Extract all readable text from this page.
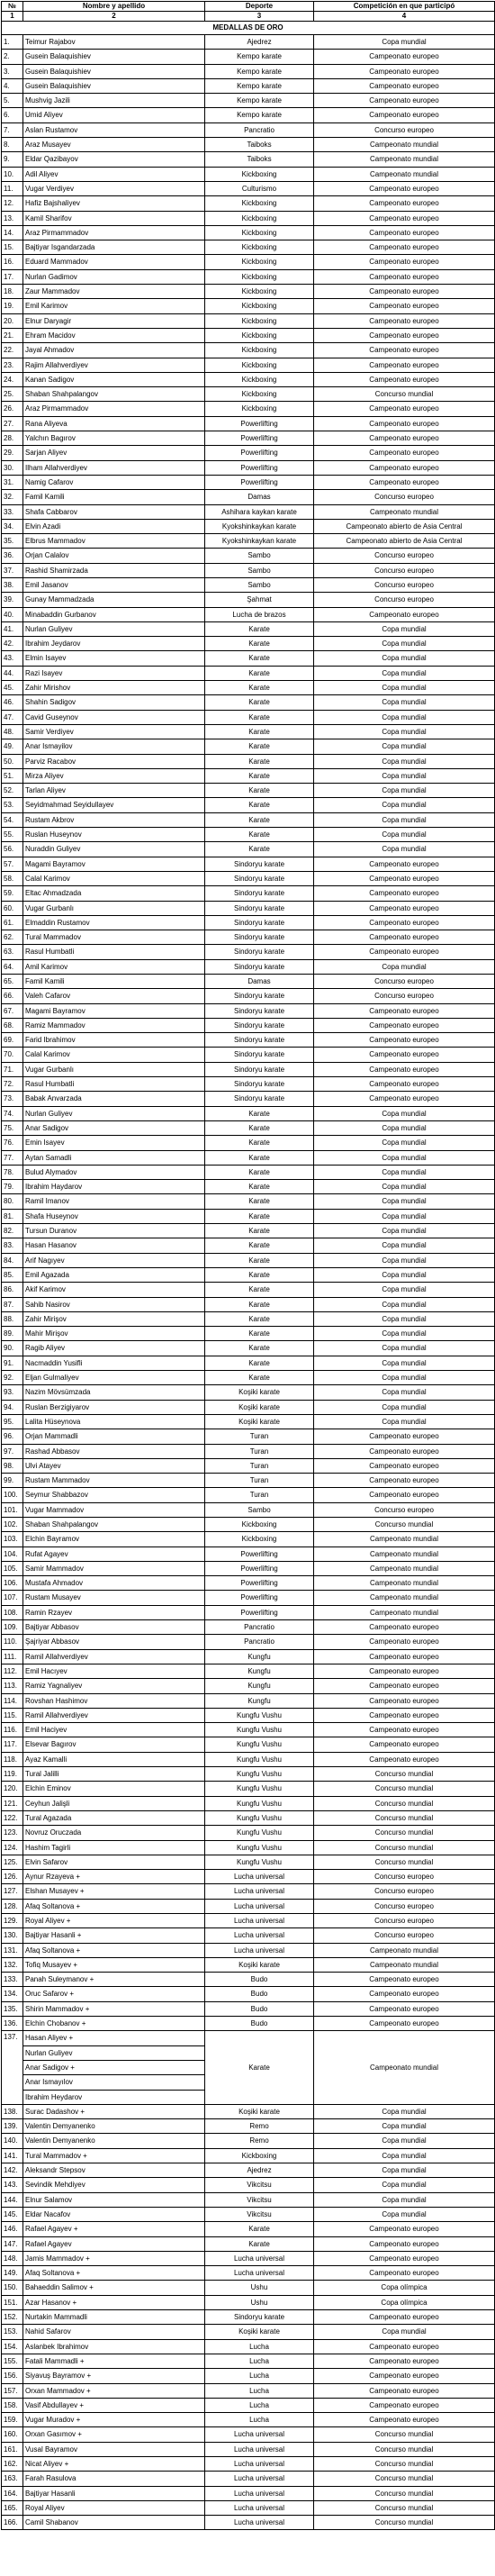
№	Nombre y apellido	Deporte	Competición en que participó
1	2	3	4
MEDALLAS DE ORO			
1.	Teimur Rajabov	Ajedrez	Copa mundial
2.	Gusein Balaquishiev	Kempo karate	Campeonato europeo
3.	Gusein Balaquishiev	Kempo karate	Campeonato europeo
4.	Gusein Balaquishiev	Kempo karate	Campeonato europeo
5.	Mushvig Jazili	Kempo karate	Campeonato europeo
6.	Umid Aliyev	Kempo karate	Campeonato europeo
7.	Aslan Rustamov	Pancratio	Concurso europeo
8.	Araz Musayev	Taiboks	Campeonato mundial
9.	Eldar Qazibayov	Taiboks	Campeonato mundial
10.	Adil Aliyev	Kickboxing	Campeonato mundial
11.	Vugar Verdiyev	Culturismo	Campeonato europeo
12.	Hafiz Bajshaliyev	Kickboxing	Campeonato europeo
13.	Kamil Sharifov	Kickboxing	Campeonato europeo
14.	Araz Pirmammadov	Kickboxing	Campeonato europeo
15.	Bajtiyar Isgandarzada	Kickboxing	Campeonato europeo
16.	Eduard Mammadov	Kickboxing	Campeonato europeo
17.	Nurlan Gadimov	Kickboxing	Campeonato europeo
18.	Zaur Mammadov	Kickboxing	Campeonato europeo
19.	Emil Karimov	Kickboxing	Campeonato europeo
20.	Elnur Daryagir	Kickboxing	Campeonato europeo
21.	Ehram Macidov	Kickboxing	Campeonato europeo
22.	Jayal Ahmadov	Kickboxing	Campeonato europeo
23.	Rajim Allahverdiyev	Kickboxing	Campeonato europeo
24.	Kanan Sadigov	Kickboxing	Campeonato europeo
25.	Shaban Shahpalangov	Kickboxing	Concurso mundial
26.	Araz Pirmammadov	Kickboxing	Campeonato europeo
27.	Rana Aliyeva	Powerlifting	Campeonato europeo
28.	Yalchın Bagırov	Powerlifting	Campeonato europeo
29.	Sarjan Aliyev	Powerlifting	Campeonato europeo
30.	Ilham Allahverdiyev	Powerlifting	Campeonato europeo
31.	Namig Cafarov	Powerlifting	Campeonato europeo
32.	Famil Kamili	Damas	Concurso europeo
33.	Shafa Cabbarov	Ashihara kaykan karate	Campeonato mundial
34.	Elvin Azadi	Kyokshinkaykan karate	Campeonato abierto de Asia Central
35.	Elbrus Mammadov	Kyokshinkaykan karate	Campeonato abierto de Asia Central
36.	Orjan Calalov	Sambo	Concurso europeo
37.	Rashid Shamirzada	Sambo	Concurso europeo
38.	Emil Jasanov	Sambo	Concurso europeo
39.	Gunay Mammadzada	Şahmat	Concurso europeo
40.	Minabaddin Gurbanov	Lucha de brazos	Campeonato europeo
41.	Nurlan Guliyev	Karate	Copa mundial
42.	Ibrahim Jeydarov	Karate	Copa mundial
43.	Elmin Isayev	Karate	Copa mundial
44.	Razi Isayev	Karate	Copa mundial
45.	Zahir Mirishov	Karate	Copa mundial
46.	Shahin Sadigov	Karate	Copa mundial
47.	Cavid Guseynov	Karate	Copa mundial
48.	Samir Verdiyev	Karate	Copa mundial
49.	Anar Ismayilov	Karate	Copa mundial
50.	Parviz Racabov	Karate	Copa mundial
51.	Mirza Aliyev	Karate	Copa mundial
52.	Tarlan Aliyev	Karate	Copa mundial
53.	Seyidmahmad Seyidullayev	Karate	Copa mundial
54.	Rustam Akbrov	Karate	Copa mundial
55.	Ruslan Huseynov	Karate	Copa mundial
56.	Nuraddin Guliyev	Karate	Copa mundial
57.	Magami Bayramov	Sindoryu karate	Campeonato europeo
58.	Calal Karimov	Sindoryu karate	Campeonato europeo
59.	Eltac Ahmadzada	Sindoryu karate	Campeonato europeo
60.	Vugar Gurbanlı	Sindoryu karate	Campeonato europeo
61.	Elmaddin Rustamov	Sindoryu karate	Campeonato europeo
62.	Tural Mammadov	Sindoryu karate	Campeonato europeo
63.	Rasul Humbatli	Sindoryu karate	Campeonato europeo
64.	Amil Karimov	Sindoryu karate	Copa mundial
65.	Famil Kamili	Damas	Concurso europeo
66.	Valeh Cafarov	Sindoryu karate	Concurso europeo
67.	Magami Bayramov	Sindoryu karate	Campeonato europeo
68.	Ramiz Mammadov	Sindoryu karate	Campeonato europeo
69.	Farid Ibrahimov	Sindoryu karate	Campeonato europeo
70.	Calal Karimov	Sindoryu karate	Campeonato europeo
71.	Vugar Gurbanlı	Sindoryu karate	Campeonato europeo
72.	Rasul Humbatli	Sindoryu karate	Campeonato europeo
73.	Babak Anvarzada	Sindoryu karate	Campeonato europeo
74.	Nurlan Guliyev	Karate	Copa mundial
75.	Anar Sadigov	Karate	Copa mundial
76.	Emin Isayev	Karate	Copa mundial
77.	Aytan Samadli	Karate	Copa mundial
78.	Bulud Alymadov	Karate	Copa mundial
79.	Ibrahim Haydarov	Karate	Copa mundial
80.	Ramil Imanov	Karate	Copa mundial
81.	Shafa Huseynov	Karate	Copa mundial
82.	Tursun Duranov	Karate	Copa mundial
83.	Hasan Hasanov	Karate	Copa mundial
84.	Arif Nagıyev	Karate	Copa mundial
85.	Emil Agazada	Karate	Copa mundial
86.	Akif Karimov	Karate	Copa mundial
87.	Sahib Nasirov	Karate	Copa mundial
88.	Zahir Mirişov	Karate	Copa mundial
89.	Mahir Mirişov	Karate	Copa mundial
90.	Ragib Aliyev	Karate	Copa mundial
91.	Nacmaddin Yusifli	Karate	Copa mundial
92.	Eljan Gulmaliyev	Karate	Copa mundial
93.	Nazim Mövsümzada	Koşiki karate	Copa mundial
94.	Ruslan Berzigiyarov	Koşiki karate	Copa mundial
95.	Lalita Hüseynova	Koşiki karate	Copa mundial
96.	Orjan Mammadli	Turan	Campeonato europeo
97.	Rashad Abbasov	Turan	Campeonato europeo
98.	Ulvi Atayev	Turan	Campeonato europeo
99.	Rustam Mammadov	Turan	Campeonato europeo
100.	Seymur Shabbazov	Turan	Campeonato europeo
101.	Vugar Mammadov	Sambo	Concurso europeo
102.	Shaban Shahpalangov	Kickboxing	Concurso mundial
103.	Elchin Bayramov	Kickboxing	Campeonato mundial
104.	Rufat Agayev	Powerlifting	Campeonato mundial
105.	Samir Mammadov	Powerlifting	Campeonato mundial
106.	Mustafa Ahmadov	Powerlifting	Campeonato mundial
107.	Rustam Musayev	Powerlifting	Campeonato mundial
108.	Ramin Rzayev	Powerlifting	Campeonato mundial
109.	Bajtiyar Abbasov	Pancratio	Campeonato europeo
110.	Şajriyar Abbasov	Pancratio	Campeonato europeo
111.	Ramil Allahverdiyev	Kungfu	Campeonato europeo
112.	Emil Hacıyev	Kungfu	Campeonato europeo
113.	Ramiz Yagnaliyev	Kungfu	Campeonato europeo
114.	Rovshan Hashimov	Kungfu	Campeonato europeo
115.	Ramil Allahverdiyev	Kungfu Vushu	Campeonato europeo
116.	Emil Haciyev	Kungfu Vushu	Campeonato europeo
117.	Elsevar Bagırov	Kungfu Vushu	Campeonato europeo
118.	Ayaz Kamalli	Kungfu Vushu	Campeonato europeo
119.	Tural Jalilli	Kungfu Vushu	Concurso mundial
120.	Elchin Eminov	Kungfu Vushu	Concurso mundial
121.	Ceyhun Jalişli	Kungfu Vushu	Concurso mundial
122.	Tural Agazada	Kungfu Vushu	Concurso mundial
123.	Novruz Oruczada	Kungfu Vushu	Concurso mundial
124.	Hashim Tagirli	Kungfu Vushu	Concurso mundial
125.	Elvin Safarov	Kungfu Vushu	Concurso mundial
126.	Aynur Rzayeva +	Lucha universal	Concurso europeo
127.	Elshan Musayev +	Lucha universal	Concurso europeo
128.	Afaq Soltanova +	Lucha universal	Concurso europeo
129.	Royal Aliyev +	Lucha universal	Concurso europeo
130.	Bajtiyar Hasanli +	Lucha universal	Concurso europeo
131.	Afaq Soltanova +	Lucha universal	Campeonato mundial
132.	Tofiq Musayev +	Koşiki karate	Campeonato mundial
133.	Panah Suleymanov +	Budo	Campeonato europeo
134.	Oruc Safarov +	Budo	Campeonato europeo
135.	Shirin Mammadov +	Budo	Campeonato europeo
136.	Elchin Chobanov +	Budo	Campeonato europeo
137.	Hasan Aliyev +
Nurlan Guliyev
Anar Sadigov +
Anar Ismayılov
Ibrahim Heydarov	Karate	Campeonato mundial
138.	Surac Dadashov +	Koşiki karate	Copa mundial
139.	Valentin Demyanenko	Remo	Copa mundial
140.	Valentin Demyanenko	Remo	Copa mundial
141.	Tural Mammadov +	Kickboxing	Copa mundial
142.	Aleksandr Stepsov	Ajedrez	Copa mundial
143.	Sevindik Mehdiyev	Vikcitsu	Copa mundial
144.	Elnur Salamov	Vikcitsu	Copa mundial
145.	Eldar Nacafov	Vikcitsu	Copa mundial
146.	Rafael Agayev +	Karate	Campeonato europeo
147.	Rafael Agayev	Karate	Campeonato europeo
148.	Jamis Mammadov +	Lucha universal	Campeonato europeo
149.	Afaq Soltanova +	Lucha universal	Campeonato europeo
150.	Bahaeddin Salimov +	Ushu	Copa olímpica
151.	Azar Hasanov +	Ushu	Copa olímpica
152.	Nurtakin Mammadli	Sindoryu karate	Campeonato europeo
153.	Nahid Safarov	Koşiki karate	Copa mundial
154.	Aslanbek Ibrahimov	Lucha	Campeonato europeo
155.	Fatali Mammadli +	Lucha	Campeonato europeo
156.	Siyavuş Bayramov +	Lucha	Campeonato europeo
157.	Orxan Mammadov +	Lucha	Campeonato europeo
158.	Vasif Abdullayev +	Lucha	Campeonato europeo
159.	Vugar Muradov +	Lucha	Campeonato europeo
160.	Orxan Gasımov +	Lucha universal	Concurso mundial
161.	Vusal Bayramov	Lucha universal	Concurso mundial
162.	Nicat Aliyev +	Lucha universal	Concurso mundial
163.	Farah Rasulova	Lucha universal	Concurso mundial
164.	Bajtiyar Hasanli	Lucha universal	Concurso mundial
165.	Royal Aliyev	Lucha universal	Concurso mundial
166.	Camil Shabanov	Lucha universal	Concurso mundial
